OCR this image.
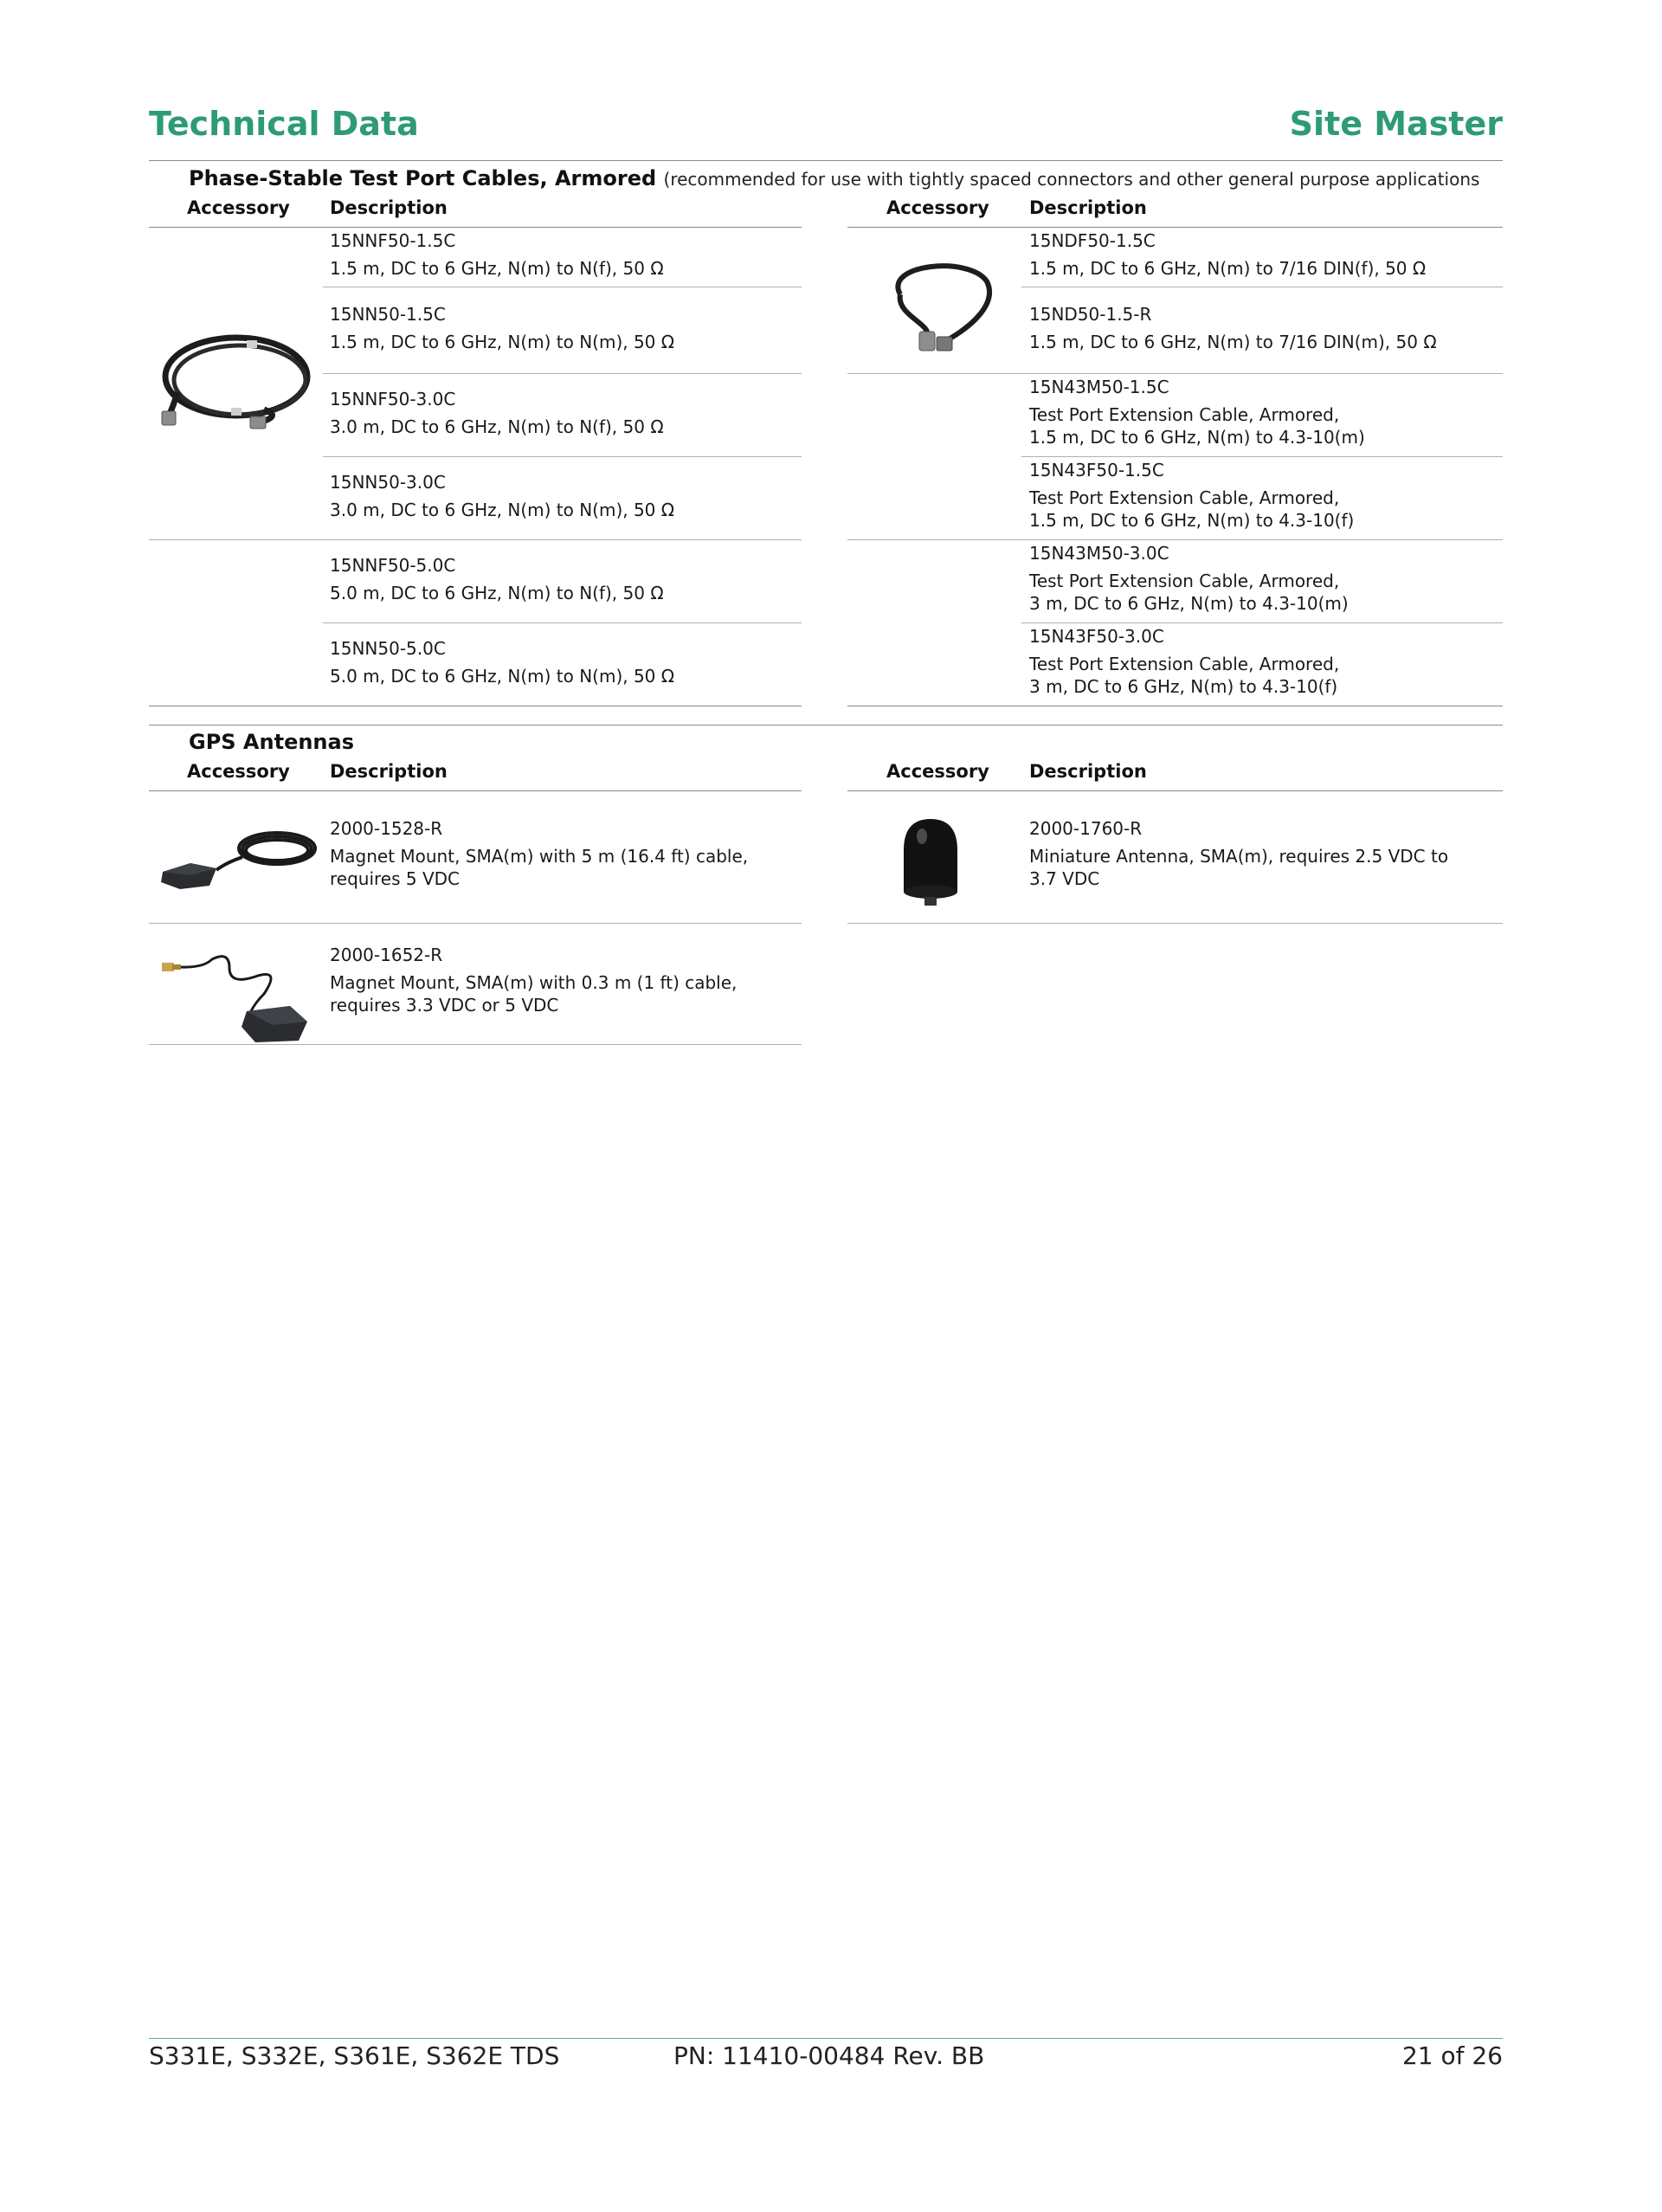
Technical Data	Site Master
Phase-Stable Test Port Cables, Armored (recommended for use with tightly spaced connectors and other general purpose applications
Accessory Description	Accessory Description
15NNF50-1.5C
1.5 m, DC to 6 GHz, N(m) to N(f), 50 Ω
15NN50-1.5C
1.5 m, DC to 6 GHz, N(m) to N(m), 50 Ω
15NNF50-3.0C
3.0 m, DC to 6 GHz, N(m) to N(f), 50 Ω
15NN50-3.0C
3.0 m, DC to 6 GHz, N(m) to N(m), 50 Ω
15NNF50-5.0C
5.0 m, DC to 6 GHz, N(m) to N(f), 50 Ω
15NN50-5.0C
5.0 m, DC to 6 GHz, N(m) to N(m), 50 Ω
15NDF50-1.5C
1.5 m, DC to 6 GHz, N(m) to 7/16 DIN(f), 50 Ω
15ND50-1.5-R
1.5 m, DC to 6 GHz, N(m) to 7/16 DIN(m), 50 Ω
15N43M50-1.5C
Test Port Extension Cable, Armored,
1.5 m, DC to 6 GHz, N(m) to 4.3-10(m)
15N43F50-1.5C
Test Port Extension Cable, Armored,
1.5 m, DC to 6 GHz, N(m) to 4.3-10(f)
15N43M50-3.0C
Test Port Extension Cable, Armored,
3 m, DC to 6 GHz, N(m) to 4.3-10(m)
15N43F50-3.0C
Test Port Extension Cable, Armored,
3 m, DC to 6 GHz, N(m) to 4.3-10(f)
GPS Antennas
Accessory Description	Accessory Description
2000-1528-R
Magnet Mount, SMA(m) with 5 m (16.4 ft) cable,
requires 5 VDC
2000-1760-R
Miniature Antenna, SMA(m), requires 2.5 VDC to
3.7 VDC
2000-1652-R
Magnet Mount, SMA(m) with 0.3 m (1 ft) cable,
requires 3.3 VDC or 5 VDC
S331E, S332E, S361E, S362E TDS	PN: 11410-00484 Rev. BB	21 of 26
